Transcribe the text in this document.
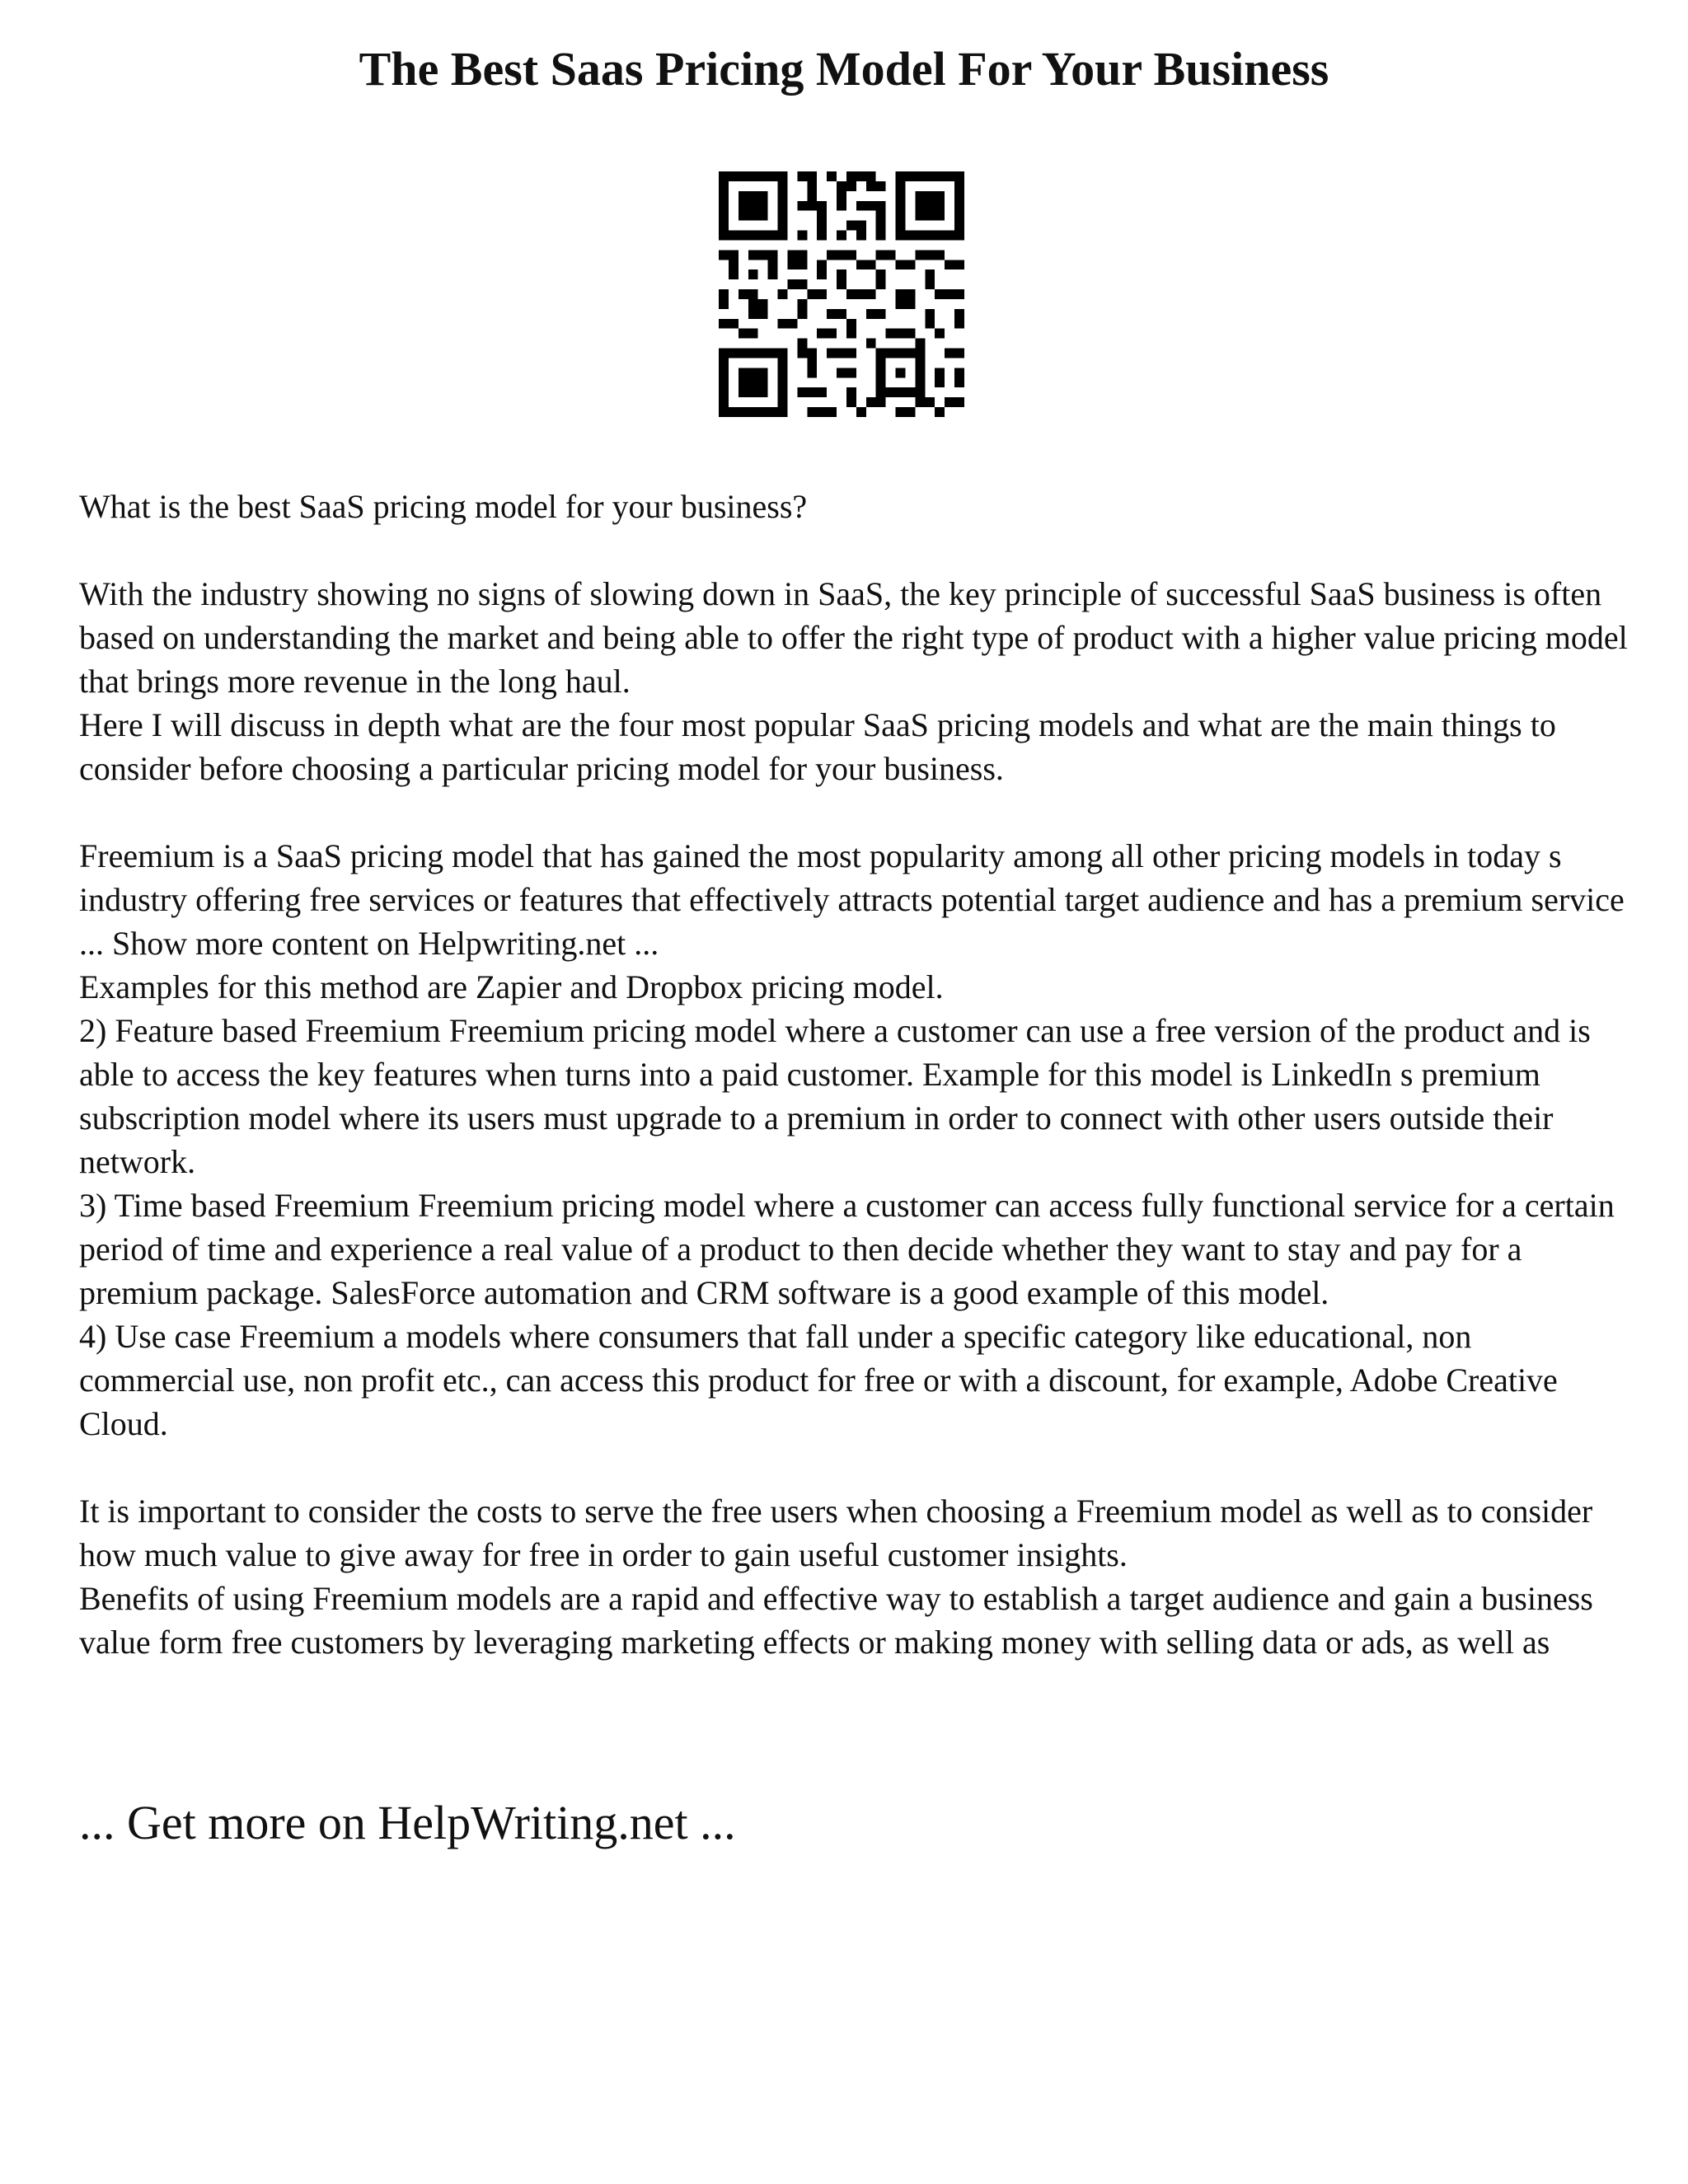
The Best Saas Pricing Model For Your Business

What is the best SaaS pricing model for your business?

With the industry showing no signs of slowing down in SaaS, the key principle of successful SaaS business is often based on understanding the market and being able to offer the right type of product with a higher value pricing model that brings more revenue in the long haul.

Here I will discuss in depth what are the four most popular SaaS pricing models and what are the main things to consider before choosing a particular pricing model for your business.

Freemium is a SaaS pricing model that has gained the most popularity among all other pricing models in today s industry offering free services or features that effectively attracts potential target audience and has a premium service ... Show more content on Helpwriting.net ...

Examples for this method are Zapier and Dropbox pricing model.

2) Feature based Freemium Freemium pricing model where a customer can use a free version of the product and is able to access the key features when turns into a paid customer. Example for this model is LinkedIn s premium subscription model where its users must upgrade to a premium in order to connect with other users outside their network.

3) Time based Freemium Freemium pricing model where a customer can access fully functional service for a certain period of time and experience a real value of a product to then decide whether they want to stay and pay for a premium package. SalesForce automation and CRM software is a good example of this model.

4) Use case Freemium a models where consumers that fall under a specific category like educational, non commercial use, non profit etc., can access this product for free or with a discount, for example, Adobe Creative Cloud.

It is important to consider the costs to serve the free users when choosing a Freemium model as well as to consider how much value to give away for free in order to gain useful customer insights.

Benefits of using Freemium models are a rapid and effective way to establish a target audience and gain a business value form free customers by leveraging marketing effects or making money with selling data or ads, as well as

... Get more on HelpWriting.net ...
